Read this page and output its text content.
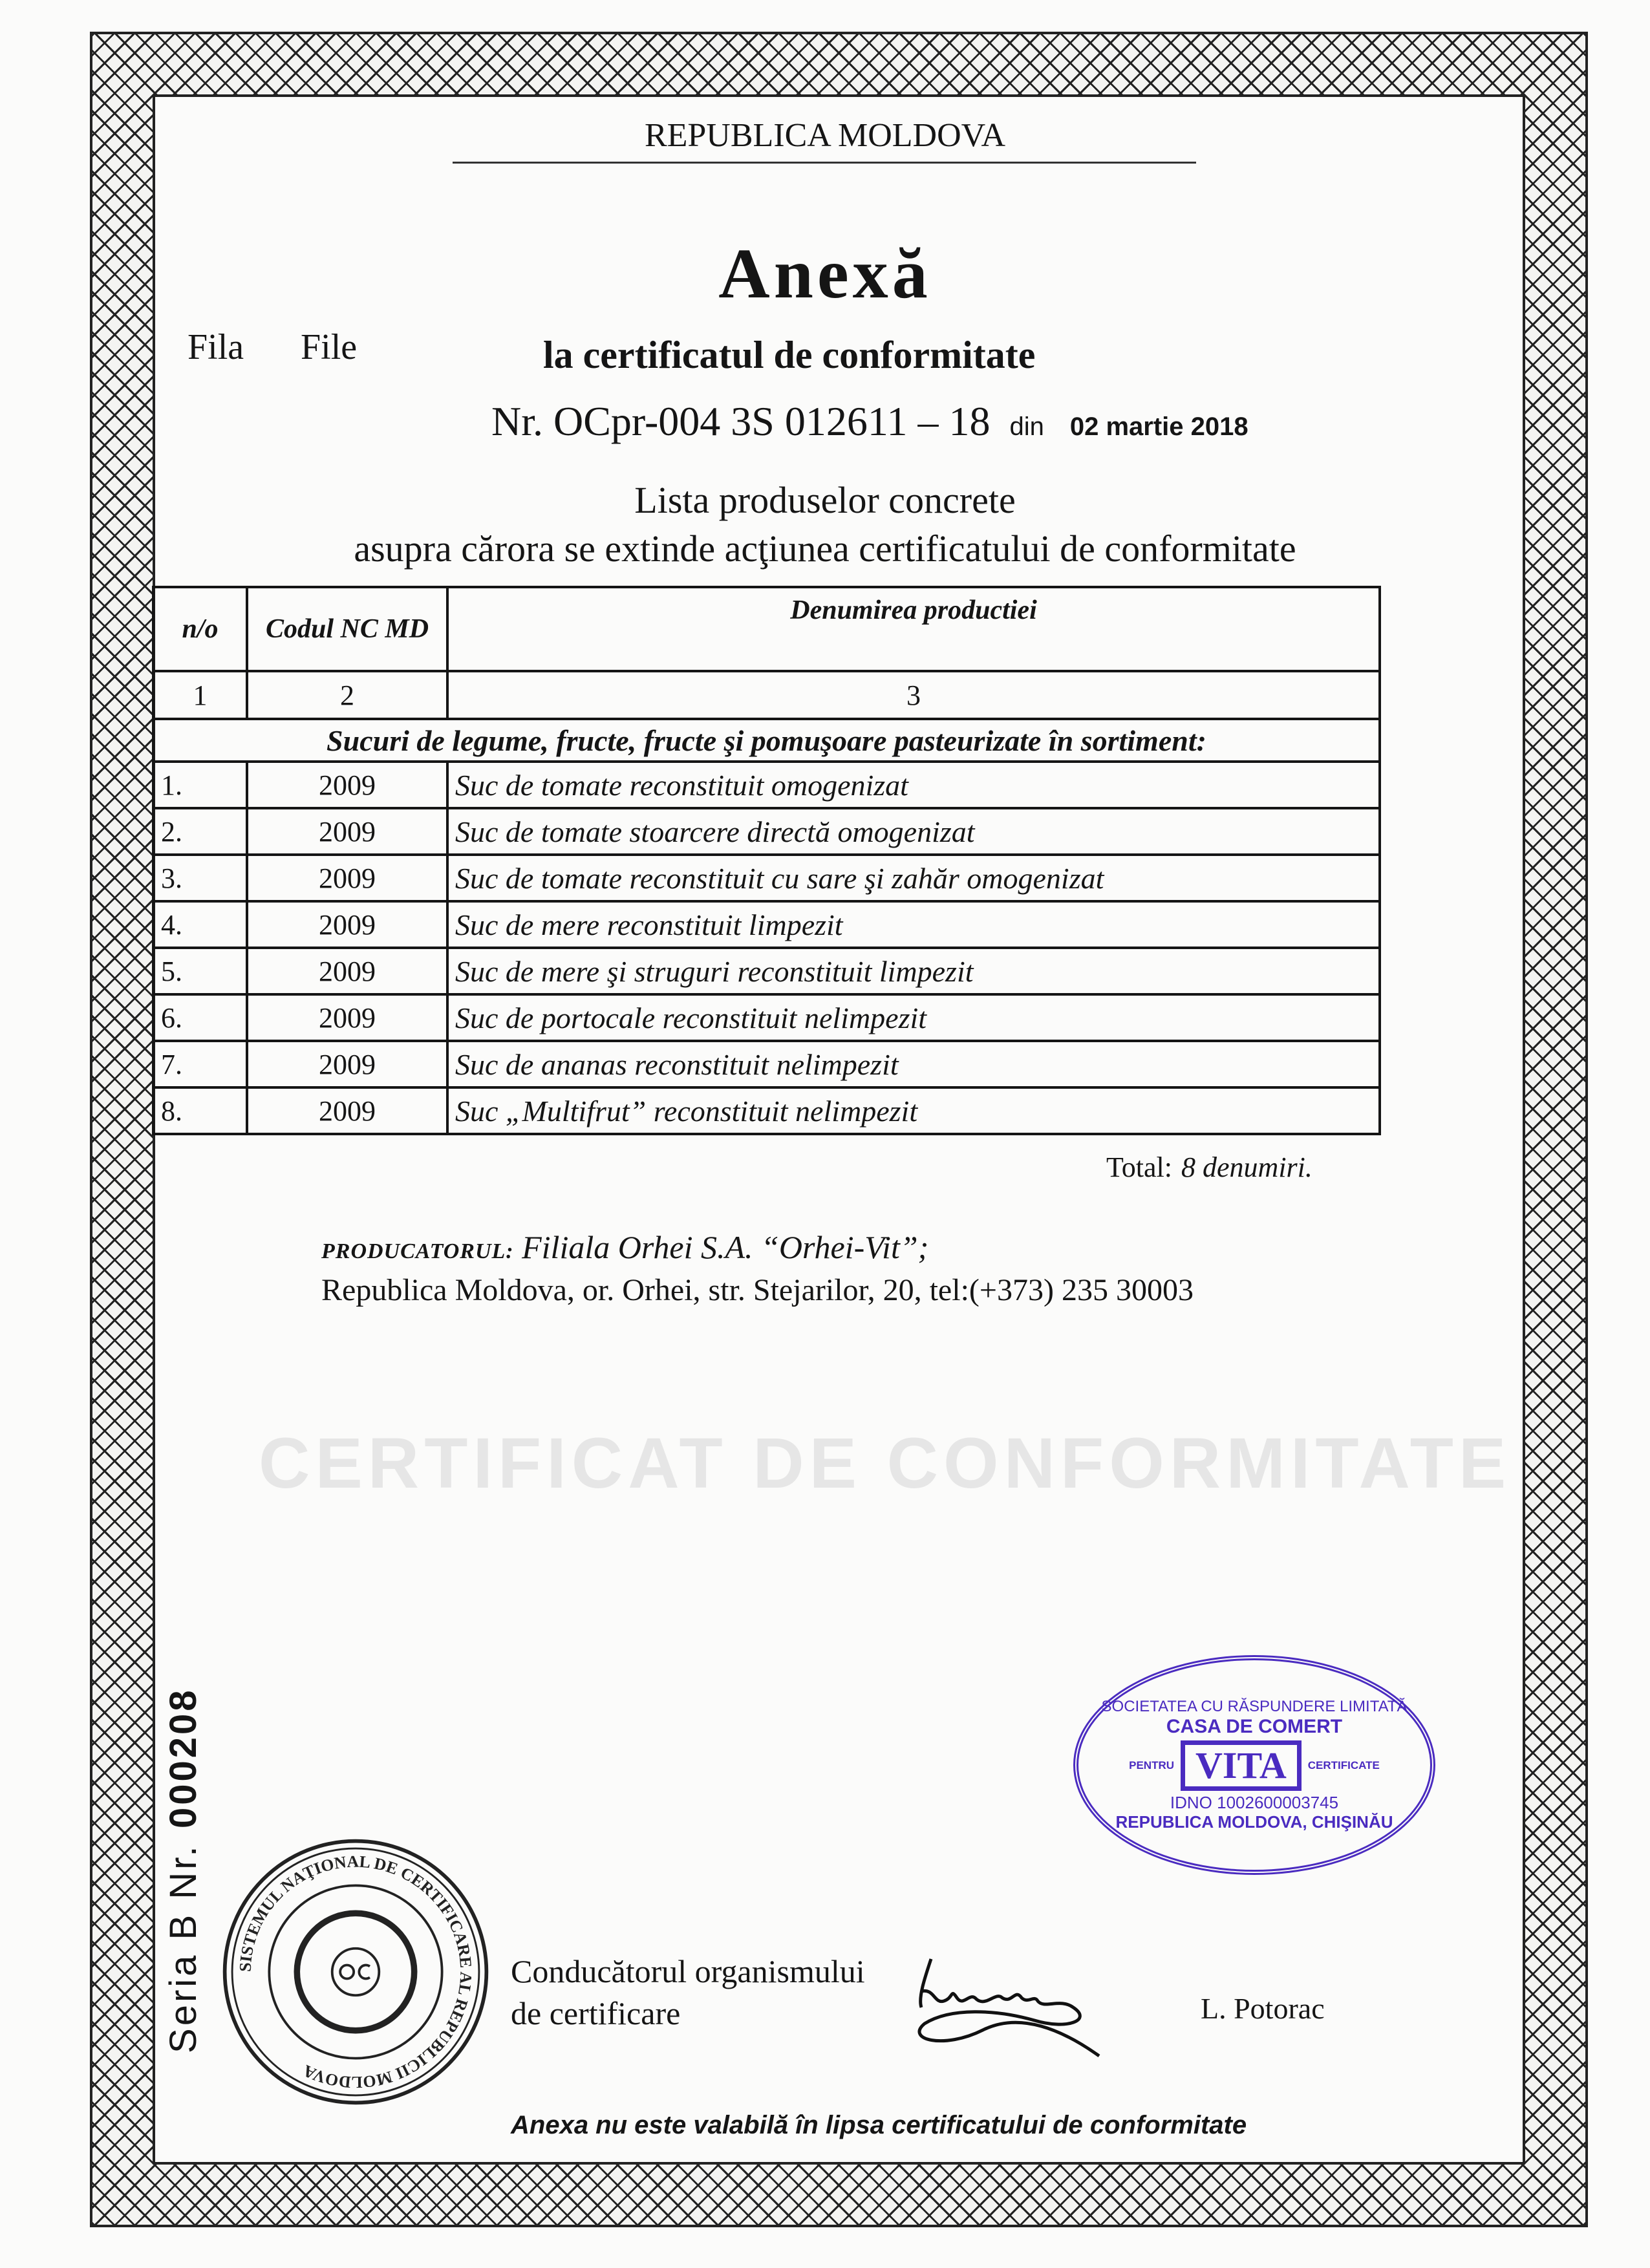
CERTIFICAT DE CONFORMITATE
REPUBLICA MOLDOVA
Anexă
Fila File	la certificatul de conformitate
Nr. OCpr-004 3S 012611 – 18 din 02 martie 2018
Lista produselor concrete
asupra cărora se extinde acţiunea certificatului de conformitate
n/o	Codul NC MD	Denumirea productiei
1	2	3
Sucuri de legume, fructe, fructe şi pomuşoare pasteurizate în sortiment:		
1.	2009	Suc de tomate reconstituit omogenizat
2.	2009	Suc de tomate stoarcere directă omogenizat
3.	2009	Suc de tomate reconstituit cu sare şi zahăr omogenizat
4.	2009	Suc de mere reconstituit limpezit
5.	2009	Suc de mere şi struguri reconstituit limpezit
6.	2009	Suc de portocale reconstituit nelimpezit
7.	2009	Suc de ananas reconstituit nelimpezit
8.	2009	Suc „Multifrut” reconstituit nelimpezit
Total: 8 denumiri.
PRODUCATORUL: Filiala Orhei S.A. “Orhei-Vit”;
Republica Moldova, or. Orhei, str. Stejarilor, 20, tel:(+373) 235 30003
Seria B Nr.000208	SOCIETATEA CU RĂSPUNDERE LIMITATĂ
CASA DE COMERT
PENTRU VITA	CERTIFICATE
IDNO 1002600003745
REPUBLICA MOLDOVA, CHIŞINĂU
SISTEMUL NAŢIONAL DE CERTIFICARE AL REPUBLICII MOLDOVA
Conducătorul organismului
de certificare	L. Potorac
Anexa nu este valabilă în lipsa certificatului de conformitate
